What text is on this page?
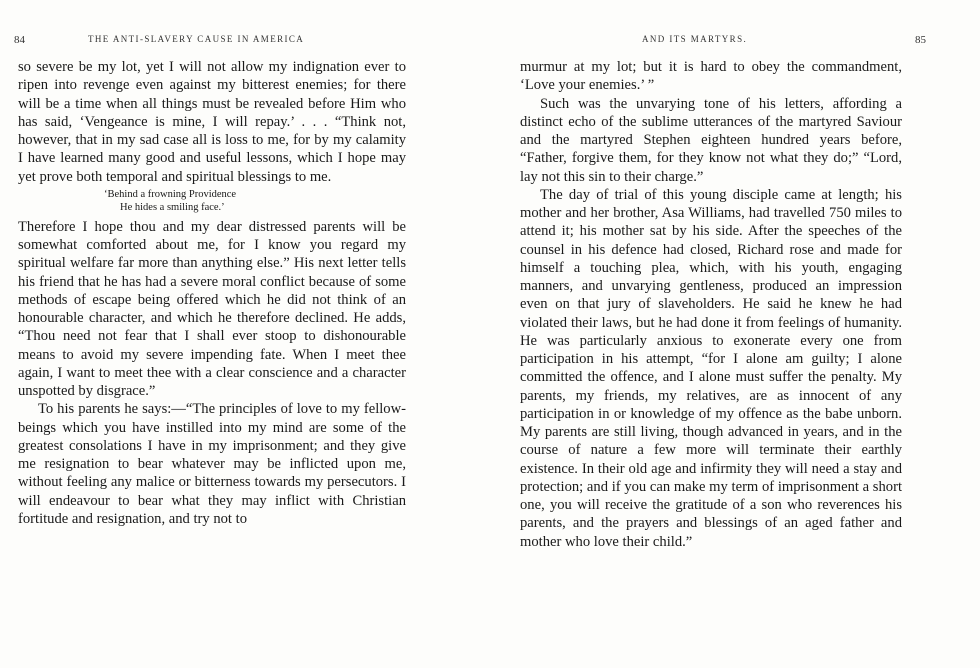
84	THE ANTI-SLAVERY CAUSE IN AMERICA

so severe be my lot, yet I will not allow my indignation ever to ripen into revenge even against my bitterest enemies; for there will be a time when all things must be revealed before Him who has said, ‘Vengeance is mine, I will repay.’ . . . “Think not, however, that in my sad case all is loss to me, for by my calamity I have learned many good and useful lessons, which I hope may yet prove both temporal and spiritual blessings to me.

‘Behind a frowning Providence
He hides a smiling face.’

Therefore I hope thou and my dear distressed parents will be somewhat comforted about me, for I know you regard my spiritual welfare far more than anything else.” His next letter tells his friend that he has had a severe moral conflict because of some methods of escape being offered which he did not think of an honourable character, and which he therefore declined. He adds, “Thou need not fear that I shall ever stoop to dishonourable means to avoid my severe impending fate. When I meet thee again, I want to meet thee with a clear conscience and a character unspotted by disgrace.”

To his parents he says:—“The principles of love to my fellow-beings which you have instilled into my mind are some of the greatest consolations I have in my imprisonment; and they give me resignation to bear whatever may be inflicted upon me, without feeling any malice or bitterness towards my persecutors. I will endeavour to bear what they may inflict with Christian fortitude and resignation, and try not to

AND ITS MARTYRS.	85

murmur at my lot; but it is hard to obey the commandment, ‘Love your enemies.’ ”

Such was the unvarying tone of his letters, affording a distinct echo of the sublime utterances of the martyred Saviour and the martyred Stephen eighteen hundred years before, “Father, forgive them, for they know not what they do;” “Lord, lay not this sin to their charge.”

The day of trial of this young disciple came at length; his mother and her brother, Asa Williams, had travelled 750 miles to attend it; his mother sat by his side. After the speeches of the counsel in his defence had closed, Richard rose and made for himself a touching plea, which, with his youth, engaging manners, and unvarying gentleness, produced an impression even on that jury of slaveholders. He said he knew he had violated their laws, but he had done it from feelings of humanity. He was particularly anxious to exonerate every one from participation in his attempt, “for I alone am guilty; I alone committed the offence, and I alone must suffer the penalty. My parents, my friends, my relatives, are as innocent of any participation in or knowledge of my offence as the babe unborn. My parents are still living, though advanced in years, and in the course of nature a few more will terminate their earthly existence. In their old age and infirmity they will need a stay and protection; and if you can make my term of imprisonment a short one, you will receive the gratitude of a son who reverences his parents, and the prayers and blessings of an aged father and mother who love their child.”
